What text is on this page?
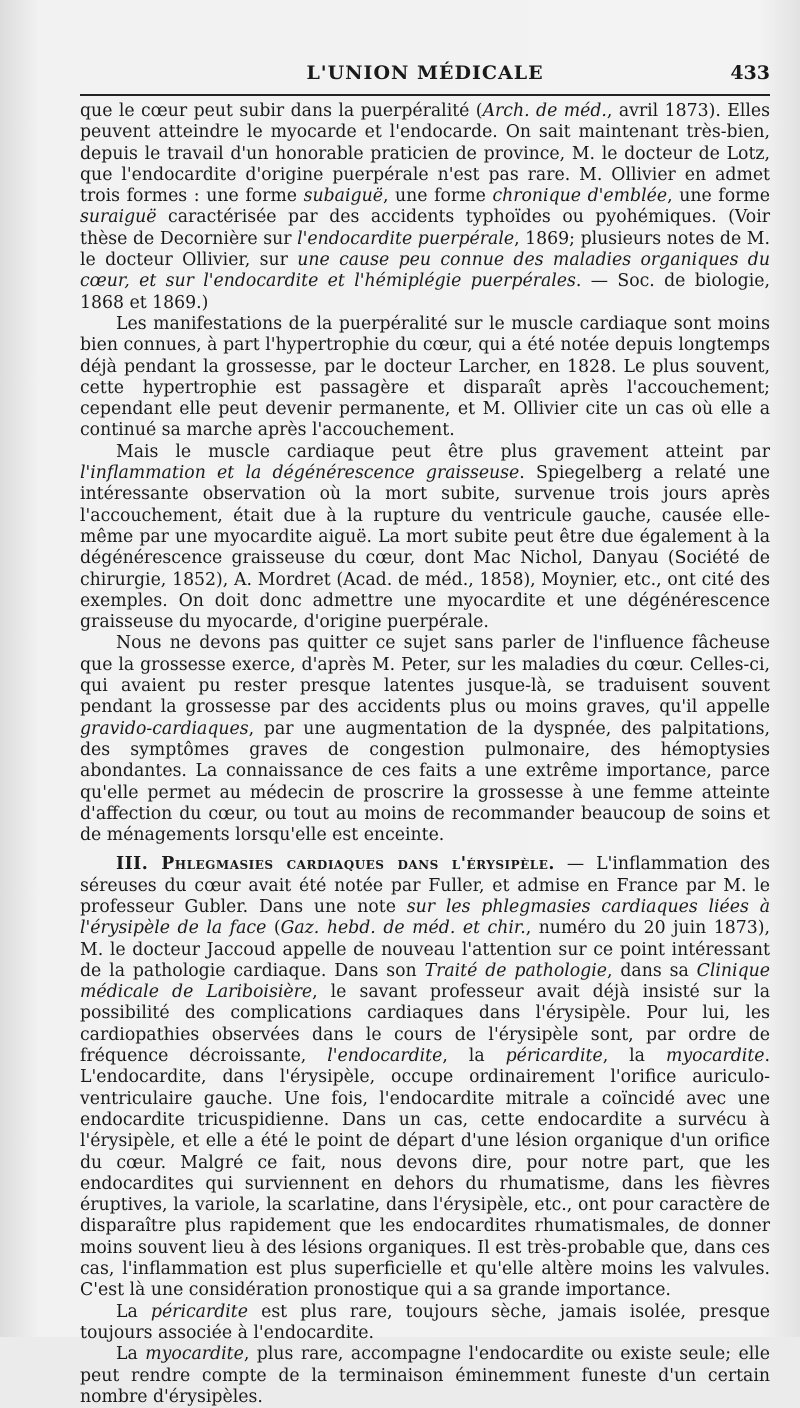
L'UNION MÉDICALE	433

que le cœur peut subir dans la puerpéralité (Arch. de méd., avril 1873). Elles peuvent atteindre le myocarde et l'endocarde. On sait maintenant très-bien, depuis le travail d'un honorable praticien de province, M. le docteur de Lotz, que l'endocardite d'origine puerpérale n'est pas rare. M. Ollivier en admet trois formes : une forme subaiguë, une forme chronique d'emblée, une forme suraiguë caractérisée par des accidents typhoïdes ou pyohémiques. (Voir thèse de Decornière sur l'endocardite puerpérale, 1869; plusieurs notes de M. le docteur Ollivier, sur une cause peu connue des maladies organiques du cœur, et sur l'endocardite et l'hémiplégie puerpérales. — Soc. de biologie, 1868 et 1869.)

Les manifestations de la puerpéralité sur le muscle cardiaque sont moins bien connues, à part l'hypertrophie du cœur, qui a été notée depuis longtemps déjà pendant la grossesse, par le docteur Larcher, en 1828. Le plus souvent, cette hypertrophie est passagère et disparaît après l'accouchement; cependant elle peut devenir permanente, et M. Ollivier cite un cas où elle a continué sa marche après l'accouchement.

Mais le muscle cardiaque peut être plus gravement atteint par l'inflammation et la dégénérescence graisseuse. Spiegelberg a relaté une intéressante observation où la mort subite, survenue trois jours après l'accouchement, était due à la rupture du ventricule gauche, causée elle-même par une myocardite aiguë. La mort subite peut être due également à la dégénérescence graisseuse du cœur, dont Mac Nichol, Danyau (Société de chirurgie, 1852), A. Mordret (Acad. de méd., 1858), Moynier, etc., ont cité des exemples. On doit donc admettre une myocardite et une dégénérescence graisseuse du myocarde, d'origine puerpérale.

Nous ne devons pas quitter ce sujet sans parler de l'influence fâcheuse que la grossesse exerce, d'après M. Peter, sur les maladies du cœur. Celles-ci, qui avaient pu rester presque latentes jusque-là, se traduisent souvent pendant la grossesse par des accidents plus ou moins graves, qu'il appelle gravido-cardiaques, par une augmentation de la dyspnée, des palpitations, des symptômes graves de congestion pulmonaire, des hémoptysies abondantes. La connaissance de ces faits a une extrême importance, parce qu'elle permet au médecin de proscrire la grossesse à une femme atteinte d'affection du cœur, ou tout au moins de recommander beaucoup de soins et de ménagements lorsqu'elle est enceinte.

III. Phlegmasies cardiaques dans l'érysipèle. — L'inflammation des séreuses du cœur avait été notée par Fuller, et admise en France par M. le professeur Gubler. Dans une note sur les phlegmasies cardiaques liées à l'érysipèle de la face (Gaz. hebd. de méd. et chir., numéro du 20 juin 1873), M. le docteur Jaccoud appelle de nouveau l'attention sur ce point intéressant de la pathologie cardiaque. Dans son Traité de pathologie, dans sa Clinique médicale de Lariboisière, le savant professeur avait déjà insisté sur la possibilité des complications cardiaques dans l'érysipèle. Pour lui, les cardiopathies observées dans le cours de l'érysipèle sont, par ordre de fréquence décroissante, l'endocardite, la péricardite, la myocardite. L'endocardite, dans l'érysipèle, occupe ordinairement l'orifice auriculo-ventriculaire gauche. Une fois, l'endocardite mitrale a coïncidé avec une endocardite tricuspidienne. Dans un cas, cette endocardite a survécu à l'érysipèle, et elle a été le point de départ d'une lésion organique d'un orifice du cœur. Malgré ce fait, nous devons dire, pour notre part, que les endocardites qui surviennent en dehors du rhumatisme, dans les fièvres éruptives, la variole, la scarlatine, dans l'érysipèle, etc., ont pour caractère de disparaître plus rapidement que les endocardites rhumatismales, de donner moins souvent lieu à des lésions organiques. Il est très-probable que, dans ces cas, l'inflammation est plus superficielle et qu'elle altère moins les valvules. C'est là une considération pronostique qui a sa grande importance.

La péricardite est plus rare, toujours sèche, jamais isolée, presque toujours associée à l'endocardite.

La myocardite, plus rare, accompagne l'endocardite ou existe seule; elle peut rendre compte de la terminaison éminemment funeste d'un certain nombre d'érysipèles.
